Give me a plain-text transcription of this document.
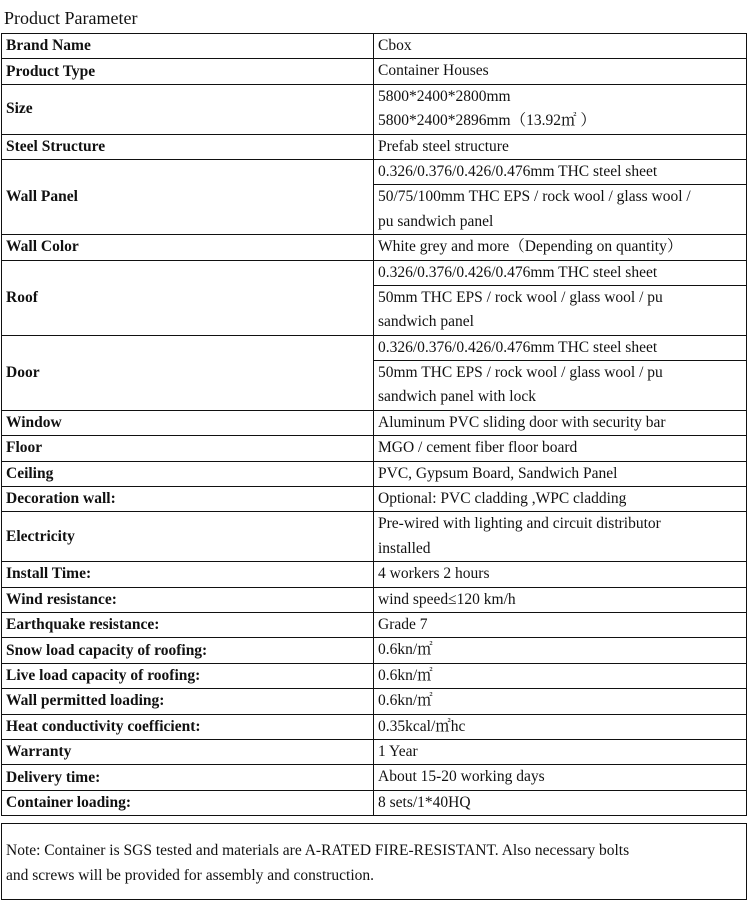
Product Parameter
Brand Name	Cbox

Product Type	Container Houses

Size	5800*2400*2800mm
5800*2400*2896mm（13.92㎡ ）

Steel Structure	Prefab steel structure

Wall Panel	0.326/0.376/0.426/0.476mm THC steel sheet
50/75/100mm THC EPS / rock wool / glass wool /
pu sandwich panel

Wall Color	White grey and more（Depending on quantity）

Roof	0.326/0.376/0.426/0.476mm THC steel sheet
50mm THC EPS / rock wool / glass wool / pu
sandwich panel

Door	0.326/0.376/0.426/0.476mm THC steel sheet
50mm THC EPS / rock wool / glass wool / pu
sandwich panel with lock

Window	Aluminum PVC sliding door with security bar

Floor	MGO / cement fiber floor board

Ceiling	PVC, Gypsum Board, Sandwich Panel

Decoration wall:	Optional: PVC cladding ,WPC cladding

Electricity	Pre-wired with lighting and circuit distributor
installed

Install Time:	4 workers 2 hours

Wind resistance:	wind speed≤120 km/h

Earthquake resistance:	Grade 7

Snow load capacity of roofing:	0.6kn/㎡

Live load capacity of roofing:	0.6kn/㎡

Wall permitted loading:	0.6kn/㎡

Heat conductivity coefficient:	0.35kcal/㎡hc

Warranty	1 Year

Delivery time:	About 15-20 working days

Container loading:	8 sets/1*40HQ
Note: Container is SGS tested and materials are A-RATED FIRE-RESISTANT. Also necessary bolts
and screws will be provided for assembly and construction.
